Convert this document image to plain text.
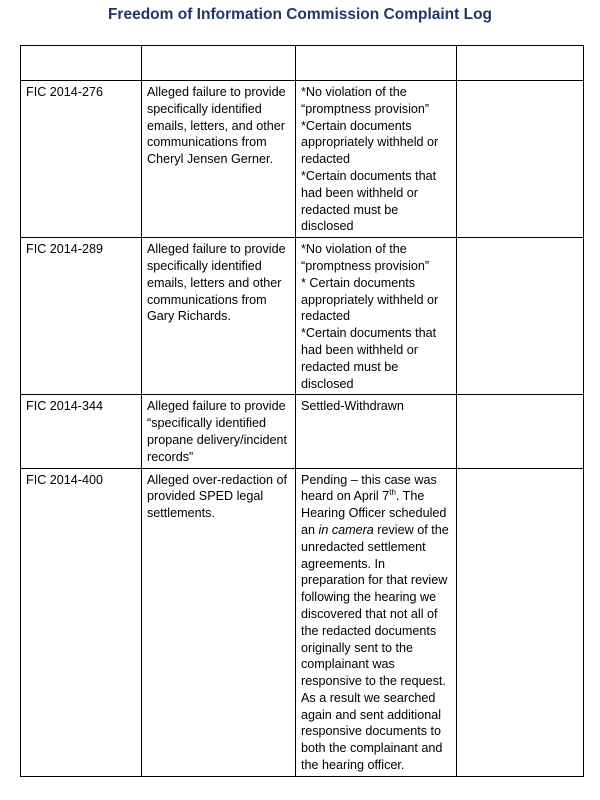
Freedom of Information Commission Complaint Log

FIC 2014-276	Alleged failure to provide specifically identified emails, letters, and other communications from Cheryl Jensen Gerner.	*No violation of the “promptness provision”
*Certain documents appropriately withheld or redacted
*Certain documents that had been withheld or redacted must be disclosed	

FIC 2014-289	Alleged failure to provide specifically identified emails, letters and other communications from Gary Richards.	*No violation of the “promptness provision”
* Certain documents appropriately withheld or redacted
*Certain documents that had been withheld or redacted must be disclosed	

FIC 2014-344	Alleged failure to provide “specifically identified propane delivery/incident records”	Settled-Withdrawn	

FIC 2014-400	Alleged over-redaction of provided SPED legal settlements.	Pending – this case was heard on April 7th. The Hearing Officer scheduled an in camera review of the unredacted settlement agreements. In preparation for that review following the hearing we discovered that not all of the redacted documents originally sent to the complainant was responsive to the request. As a result we searched again and sent additional responsive documents to both the complainant and the hearing officer.	
